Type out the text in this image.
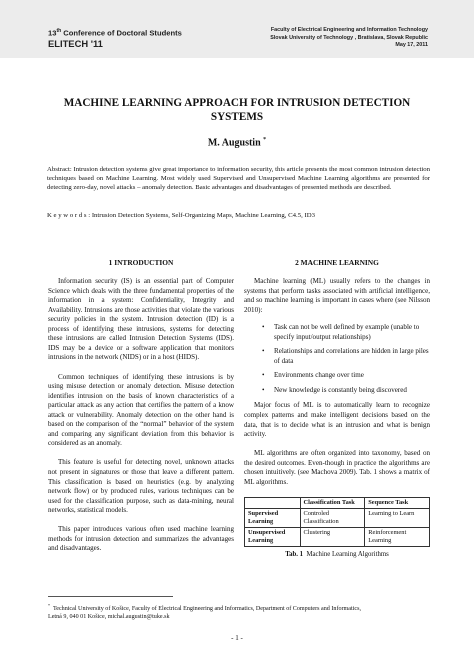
13th Conference of Doctoral Students
ELITECH '11
Faculty of Electrical Engineering and Information Technology
Slovak University of Technology , Bratislava, Slovak Republic
May 17, 2011
MACHINE LEARNING APPROACH FOR INTRUSION DETECTION
SYSTEMS
M. Augustin *
Abstract: Intrusion detection systems give great importance to information security, this article presents the most common intrusion detection techniques based on Machine Learning. Most widely used Supervised and Unsupervised Machine Learning algorithms are presented for detecting zero-day, novel attacks – anomaly detection. Basic advantages and disadvantages of presented methods are described.
K e y w o r d s : Intrusion Detection Systems, Self-Organizing Maps, Machine Learning, C4.5, ID3
1 INTRODUCTION

Information security (IS) is an essential part of Computer Science which deals with the three fundamental properties of the information in a system: Confidentiality, Integrity and Availability. Intrusions are those activities that violate the various security policies in the system. Intrusion detection (ID) is a process of identifying these intrusions, systems for detecting these intrusions are called Intrusion Detection Systems (IDS). IDS may be a device or a software application that monitors intrusions in the network (NIDS) or in a host (HIDS).

Common techniques of identifying these intrusions is by using misuse detection or anomaly detection. Misuse detection identifies intrusion on the basis of known characteristics of a particular attack as any action that certifies the pattern of a know attack or vulnerability. Anomaly detection on the other hand is based on the comparison of the “normal” behavior of the system and comparing any significant deviation from this behavior is considered as an anomaly.

This feature is useful for detecting novel, unknown attacks not present in signatures or those that leave a different pattern. This classification is based on heuristics (e.g. by analyzing network flow) or by produced rules, various techniques can be used for the classification purpose, such as data-mining, neural networks, statistical models.

This paper introduces various often used machine learning methods for intrusion detection and summarizes the advantages and disadvantages.

2 MACHINE LEARNING

Machine learning (ML) usually refers to the changes in systems that perform tasks associated with artificial intelligence, and so machine learning is important in cases where (see Nilsson 2010):

• Task can not be well defined by example (unable to specify input/output relationships)
• Relationships and correlations are hidden in large piles of data
• Environments change over time
• New knowledge is constantly being discovered

Major focus of ML is to automatically learn to recognize complex patterns and make intelligent decisions based on the data, that is to decide what is an intrusion and what is benign activity.

ML algorithms are often organized into taxonomy, based on the desired outcomes. Even-though in practice the algorithms are chosen intuitively. (see Machova 2009). Tab. 1 shows a matrix of ML algorithms.

	Classification Task	Sequence Task
Supervised Learning	Controled Classification	Learning to Learn
Unsupervised Learning	Clustering	Reinforcement Learning
Tab. 1 Machine Learning Algorithms
*  Technical University of Košice, Faculty of Electrical Engineering and Informatics, Department of Computers and Informatics,
Letná 9, 040 01 Košice, michal.augustin@tuke.sk
- 1 -
